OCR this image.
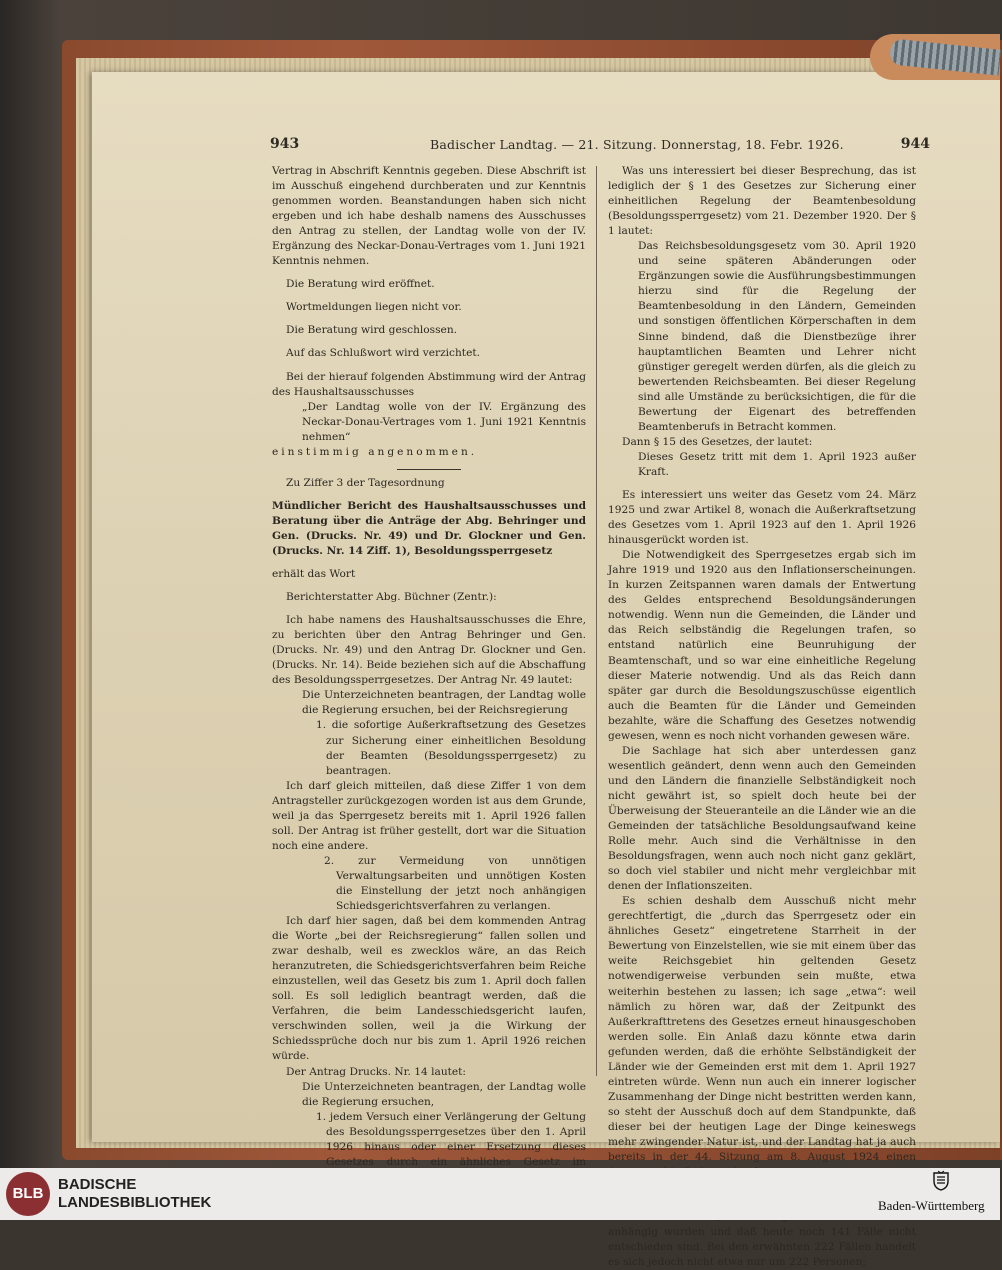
943	Badischer Landtag. — 21. Sitzung. Donnerstag, 18. Febr. 1926.	944

Vertrag in Abschrift Kenntnis gegeben. Diese Abschrift ist im Ausschuß eingehend durchberaten und zur Kenntnis genommen worden. Beanstandungen haben sich nicht ergeben und ich habe deshalb namens des Ausschusses den Antrag zu stellen, der Landtag wolle von der IV. Ergänzung des Neckar-Donau-Vertrages vom 1. Juni 1921 Kenntnis nehmen.

Die Beratung wird eröffnet.

Wortmeldungen liegen nicht vor.

Die Beratung wird geschlossen.

Auf das Schlußwort wird verzichtet.

Bei der hierauf folgenden Abstimmung wird der Antrag des Haushaltsausschusses

„Der Landtag wolle von der IV. Ergänzung des Neckar-Donau-Vertrages vom 1. Juni 1921 Kenntnis nehmen“

einstimmig angenommen.

Zu Ziffer 3 der Tagesordnung

Mündlicher Bericht des Haushaltsausschusses und Beratung über die Anträge der Abg. Behringer und Gen. (Drucks. Nr. 49) und Dr. Glockner und Gen. (Drucks. Nr. 14 Ziff. 1), Besoldungssperrgesetz

erhält das Wort

Berichterstatter Abg. Büchner (Zentr.):

Ich habe namens des Haushaltsausschusses die Ehre, zu berichten über den Antrag Behringer und Gen. (Drucks. Nr. 49) und den Antrag Dr. Glockner und Gen. (Drucks. Nr. 14). Beide beziehen sich auf die Abschaffung des Besoldungssperrgesetzes. Der Antrag Nr. 49 lautet:

Die Unterzeichneten beantragen, der Landtag wolle die Regierung ersuchen, bei der Reichsregierung

1. die sofortige Außerkraftsetzung des Gesetzes zur Sicherung einer einheitlichen Besoldung der Beamten (Besoldungssperrgesetz) zu beantragen.

Ich darf gleich mitteilen, daß diese Ziffer 1 von dem Antragsteller zurückgezogen worden ist aus dem Grunde, weil ja das Sperrgesetz bereits mit 1. April 1926 fallen soll. Der Antrag ist früher gestellt, dort war die Situation noch eine andere.

2. zur Vermeidung von unnötigen Verwaltungsarbeiten und unnötigen Kosten die Einstellung der jetzt noch anhängigen Schiedsgerichtsverfahren zu verlangen.

Ich darf hier sagen, daß bei dem kommenden Antrag die Worte „bei der Reichsregierung“ fallen sollen und zwar deshalb, weil es zwecklos wäre, an das Reich heranzutreten, die Schiedsgerichtsverfahren beim Reiche einzustellen, weil das Gesetz bis zum 1. April doch fallen soll. Es soll lediglich beantragt werden, daß die Verfahren, die beim Landesschiedsgericht laufen, verschwinden sollen, weil ja die Wirkung der Schiedssprüche doch nur bis zum 1. April 1926 reichen würde.

Der Antrag Drucks. Nr. 14 lautet:

Die Unterzeichneten beantragen, der Landtag wolle die Regierung ersuchen,

1. jedem Versuch einer Verlängerung der Geltung des Besoldungssperrgesetzes über den 1. April 1926 hinaus oder einer Ersetzung dieses Gesetzes durch ein ähnliches Gesetz im

Was uns interessiert bei dieser Besprechung, das ist lediglich der § 1 des Gesetzes zur Sicherung einer einheitlichen Regelung der Beamtenbesoldung (Besoldungssperrgesetz) vom 21. Dezember 1920. Der § 1 lautet:

Das Reichsbesoldungsgesetz vom 30. April 1920 und seine späteren Abänderungen oder Ergänzungen sowie die Ausführungsbestimmungen hierzu sind für die Regelung der Beamtenbesoldung in den Ländern, Gemeinden und sonstigen öffentlichen Körperschaften in dem Sinne bindend, daß die Dienstbezüge ihrer hauptamtlichen Beamten und Lehrer nicht günstiger geregelt werden dürfen, als die gleich zu bewertenden Reichsbeamten. Bei dieser Regelung sind alle Umstände zu berücksichtigen, die für die Bewertung der Eigenart des betreffenden Beamtenberufs in Betracht kommen.

Dann § 15 des Gesetzes, der lautet:

Dieses Gesetz tritt mit dem 1. April 1923 außer Kraft.

Es interessiert uns weiter das Gesetz vom 24. März 1925 und zwar Artikel 8, wonach die Außerkraftsetzung des Gesetzes vom 1. April 1923 auf den 1. April 1926 hinausgerückt worden ist.

Die Notwendigkeit des Sperrgesetzes ergab sich im Jahre 1919 und 1920 aus den Inflationserscheinungen. In kurzen Zeitspannen waren damals der Entwertung des Geldes entsprechend Besoldungsänderungen notwendig. Wenn nun die Gemeinden, die Länder und das Reich selbständig die Regelungen trafen, so entstand natürlich eine Beunruhigung der Beamtenschaft, und so war eine einheitliche Regelung dieser Materie notwendig. Und als das Reich dann später gar durch die Besoldungszuschüsse eigentlich auch die Beamten für die Länder und Gemeinden bezahlte, wäre die Schaffung des Gesetzes notwendig gewesen, wenn es noch nicht vorhanden gewesen wäre.

Die Sachlage hat sich aber unterdessen ganz wesentlich geändert, denn wenn auch den Gemeinden und den Ländern die finanzielle Selbständigkeit noch nicht gewährt ist, so spielt doch heute bei der Überweisung der Steueranteile an die Länder wie an die Gemeinden der tatsächliche Besoldungsaufwand keine Rolle mehr. Auch sind die Verhältnisse in den Besoldungsfragen, wenn auch noch nicht ganz geklärt, so doch viel stabiler und nicht mehr vergleichbar mit denen der Inflationszeiten.

Es schien deshalb dem Ausschuß nicht mehr gerechtfertigt, die „durch das Sperrgesetz oder ein ähnliches Gesetz“ eingetretene Starrheit in der Bewertung von Einzelstellen, wie sie mit einem über das weite Reichsgebiet hin geltenden Gesetz notwendigerweise verbunden sein mußte, etwa weiterhin bestehen zu lassen; ich sage „etwa“: weil nämlich zu hören war, daß der Zeitpunkt des Außerkrafttretens des Gesetzes erneut hinausgeschoben werden solle. Ein Anlaß dazu könnte etwa darin gefunden werden, daß die erhöhte Selbständigkeit der Länder wie der Gemeinden erst mit dem 1. April 1927 eintreten würde. Wenn nun auch ein innerer logischer Zusammenhang der Dinge nicht bestritten werden kann, so steht der Ausschuß doch auf dem Standpunkte, daß dieser bei der heutigen Lage der Dinge keineswegs mehr zwingender Natur ist, und der Landtag hat ja auch bereits in der 44. Sitzung am 8. August 1924 einen

anhängig wurden und daß heute noch 141 Fälle nicht entschieden sind. Bei den erwähnten 222 Fällen handelt es sich jedoch nicht etwa nur um 222 Personen;

BLB
BADISCHE
LANDESBIBLIOTHEK	Baden-Württemberg
